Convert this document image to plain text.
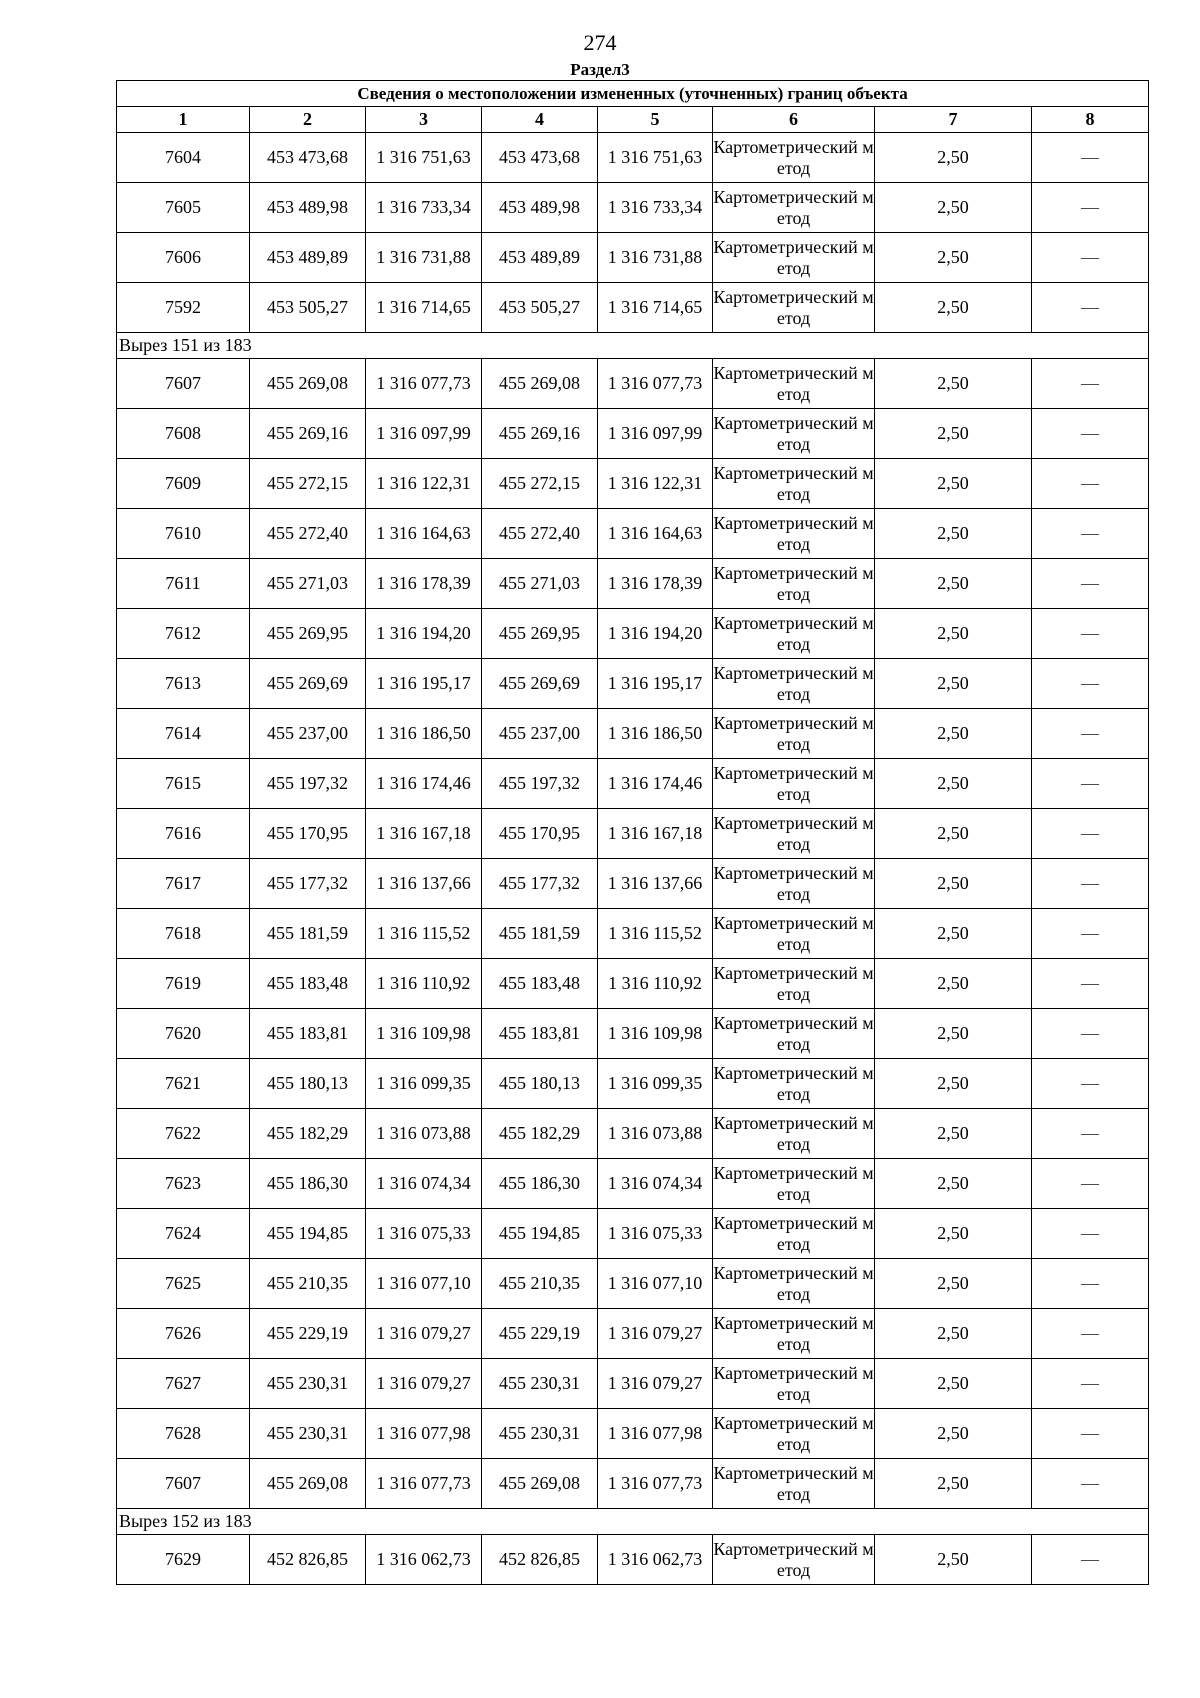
274
Раздел3
Сведения о местоположении измененных (уточненных) границ объекта							
1	2	3	4	5	6	7	8
7604	453 473,68	1 316 751,63	453 473,68	1 316 751,63	Картометрический метод	2,50	—
7605	453 489,98	1 316 733,34	453 489,98	1 316 733,34	Картометрический метод	2,50	—
7606	453 489,89	1 316 731,88	453 489,89	1 316 731,88	Картометрический метод	2,50	—
7592	453 505,27	1 316 714,65	453 505,27	1 316 714,65	Картометрический метод	2,50	—
Вырез 151 из 183							
7607	455 269,08	1 316 077,73	455 269,08	1 316 077,73	Картометрический метод	2,50	—
7608	455 269,16	1 316 097,99	455 269,16	1 316 097,99	Картометрический метод	2,50	—
7609	455 272,15	1 316 122,31	455 272,15	1 316 122,31	Картометрический метод	2,50	—
7610	455 272,40	1 316 164,63	455 272,40	1 316 164,63	Картометрический метод	2,50	—
7611	455 271,03	1 316 178,39	455 271,03	1 316 178,39	Картометрический метод	2,50	—
7612	455 269,95	1 316 194,20	455 269,95	1 316 194,20	Картометрический метод	2,50	—
7613	455 269,69	1 316 195,17	455 269,69	1 316 195,17	Картометрический метод	2,50	—
7614	455 237,00	1 316 186,50	455 237,00	1 316 186,50	Картометрический метод	2,50	—
7615	455 197,32	1 316 174,46	455 197,32	1 316 174,46	Картометрический метод	2,50	—
7616	455 170,95	1 316 167,18	455 170,95	1 316 167,18	Картометрический метод	2,50	—
7617	455 177,32	1 316 137,66	455 177,32	1 316 137,66	Картометрический метод	2,50	—
7618	455 181,59	1 316 115,52	455 181,59	1 316 115,52	Картометрический метод	2,50	—
7619	455 183,48	1 316 110,92	455 183,48	1 316 110,92	Картометрический метод	2,50	—
7620	455 183,81	1 316 109,98	455 183,81	1 316 109,98	Картометрический метод	2,50	—
7621	455 180,13	1 316 099,35	455 180,13	1 316 099,35	Картометрический метод	2,50	—
7622	455 182,29	1 316 073,88	455 182,29	1 316 073,88	Картометрический метод	2,50	—
7623	455 186,30	1 316 074,34	455 186,30	1 316 074,34	Картометрический метод	2,50	—
7624	455 194,85	1 316 075,33	455 194,85	1 316 075,33	Картометрический метод	2,50	—
7625	455 210,35	1 316 077,10	455 210,35	1 316 077,10	Картометрический метод	2,50	—
7626	455 229,19	1 316 079,27	455 229,19	1 316 079,27	Картометрический метод	2,50	—
7627	455 230,31	1 316 079,27	455 230,31	1 316 079,27	Картометрический метод	2,50	—
7628	455 230,31	1 316 077,98	455 230,31	1 316 077,98	Картометрический метод	2,50	—
7607	455 269,08	1 316 077,73	455 269,08	1 316 077,73	Картометрический метод	2,50	—
Вырез 152 из 183							
7629	452 826,85	1 316 062,73	452 826,85	1 316 062,73	Картометрический метод	2,50	—
